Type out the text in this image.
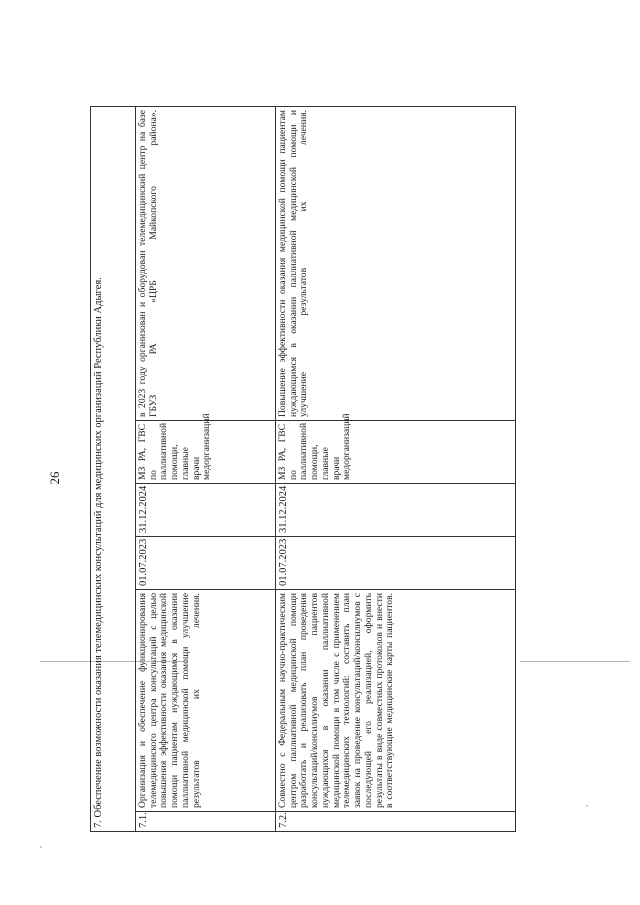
26	7. Обеспечение возможности оказания телемедицинских консультаций для медицинских организаций Республики Адыгея.					
7.1.	Организация и обеспечение функционирования телемедицинского центра консультаций с целью повышения эффективности оказания медицинской помощи пациентам нуждающимся в оказании паллиативной медицинской помощи улучшение результатов их лечения.	01.07.2023	31.12.2024	МЗ РА, ГВС по паллиативной помощи, главные врачи медорганизаций	в 2023 году организован и оборудован телемедицинский центр на базе ГБУЗ РА «ЦРБ Майкопского района».
7.2.	Совместно с Федеральным научно-практическим центром паллиативной медицинской помощи разработать и реализовать план проведения консультаций/консилиумов пациентов нуждающихся в оказании паллиативной медицинской помощи в том числе с применением телемедицинских технологий: составить план заявок на проведение консультаций/консилиумов с последующей его реализацией, оформить результаты в виде совместных протоколов и внести в соответствующие медицинские карты пациентов.	01.07.2023	31.12.2024	МЗ РА, ГВС по паллиативной помощи, главные врачи медорганизаций	Повышение эффективности оказания медицинской помощи пациентам нуждающимся в оказании паллиативной медицинской помощи и улучшение результатов их лечения.
